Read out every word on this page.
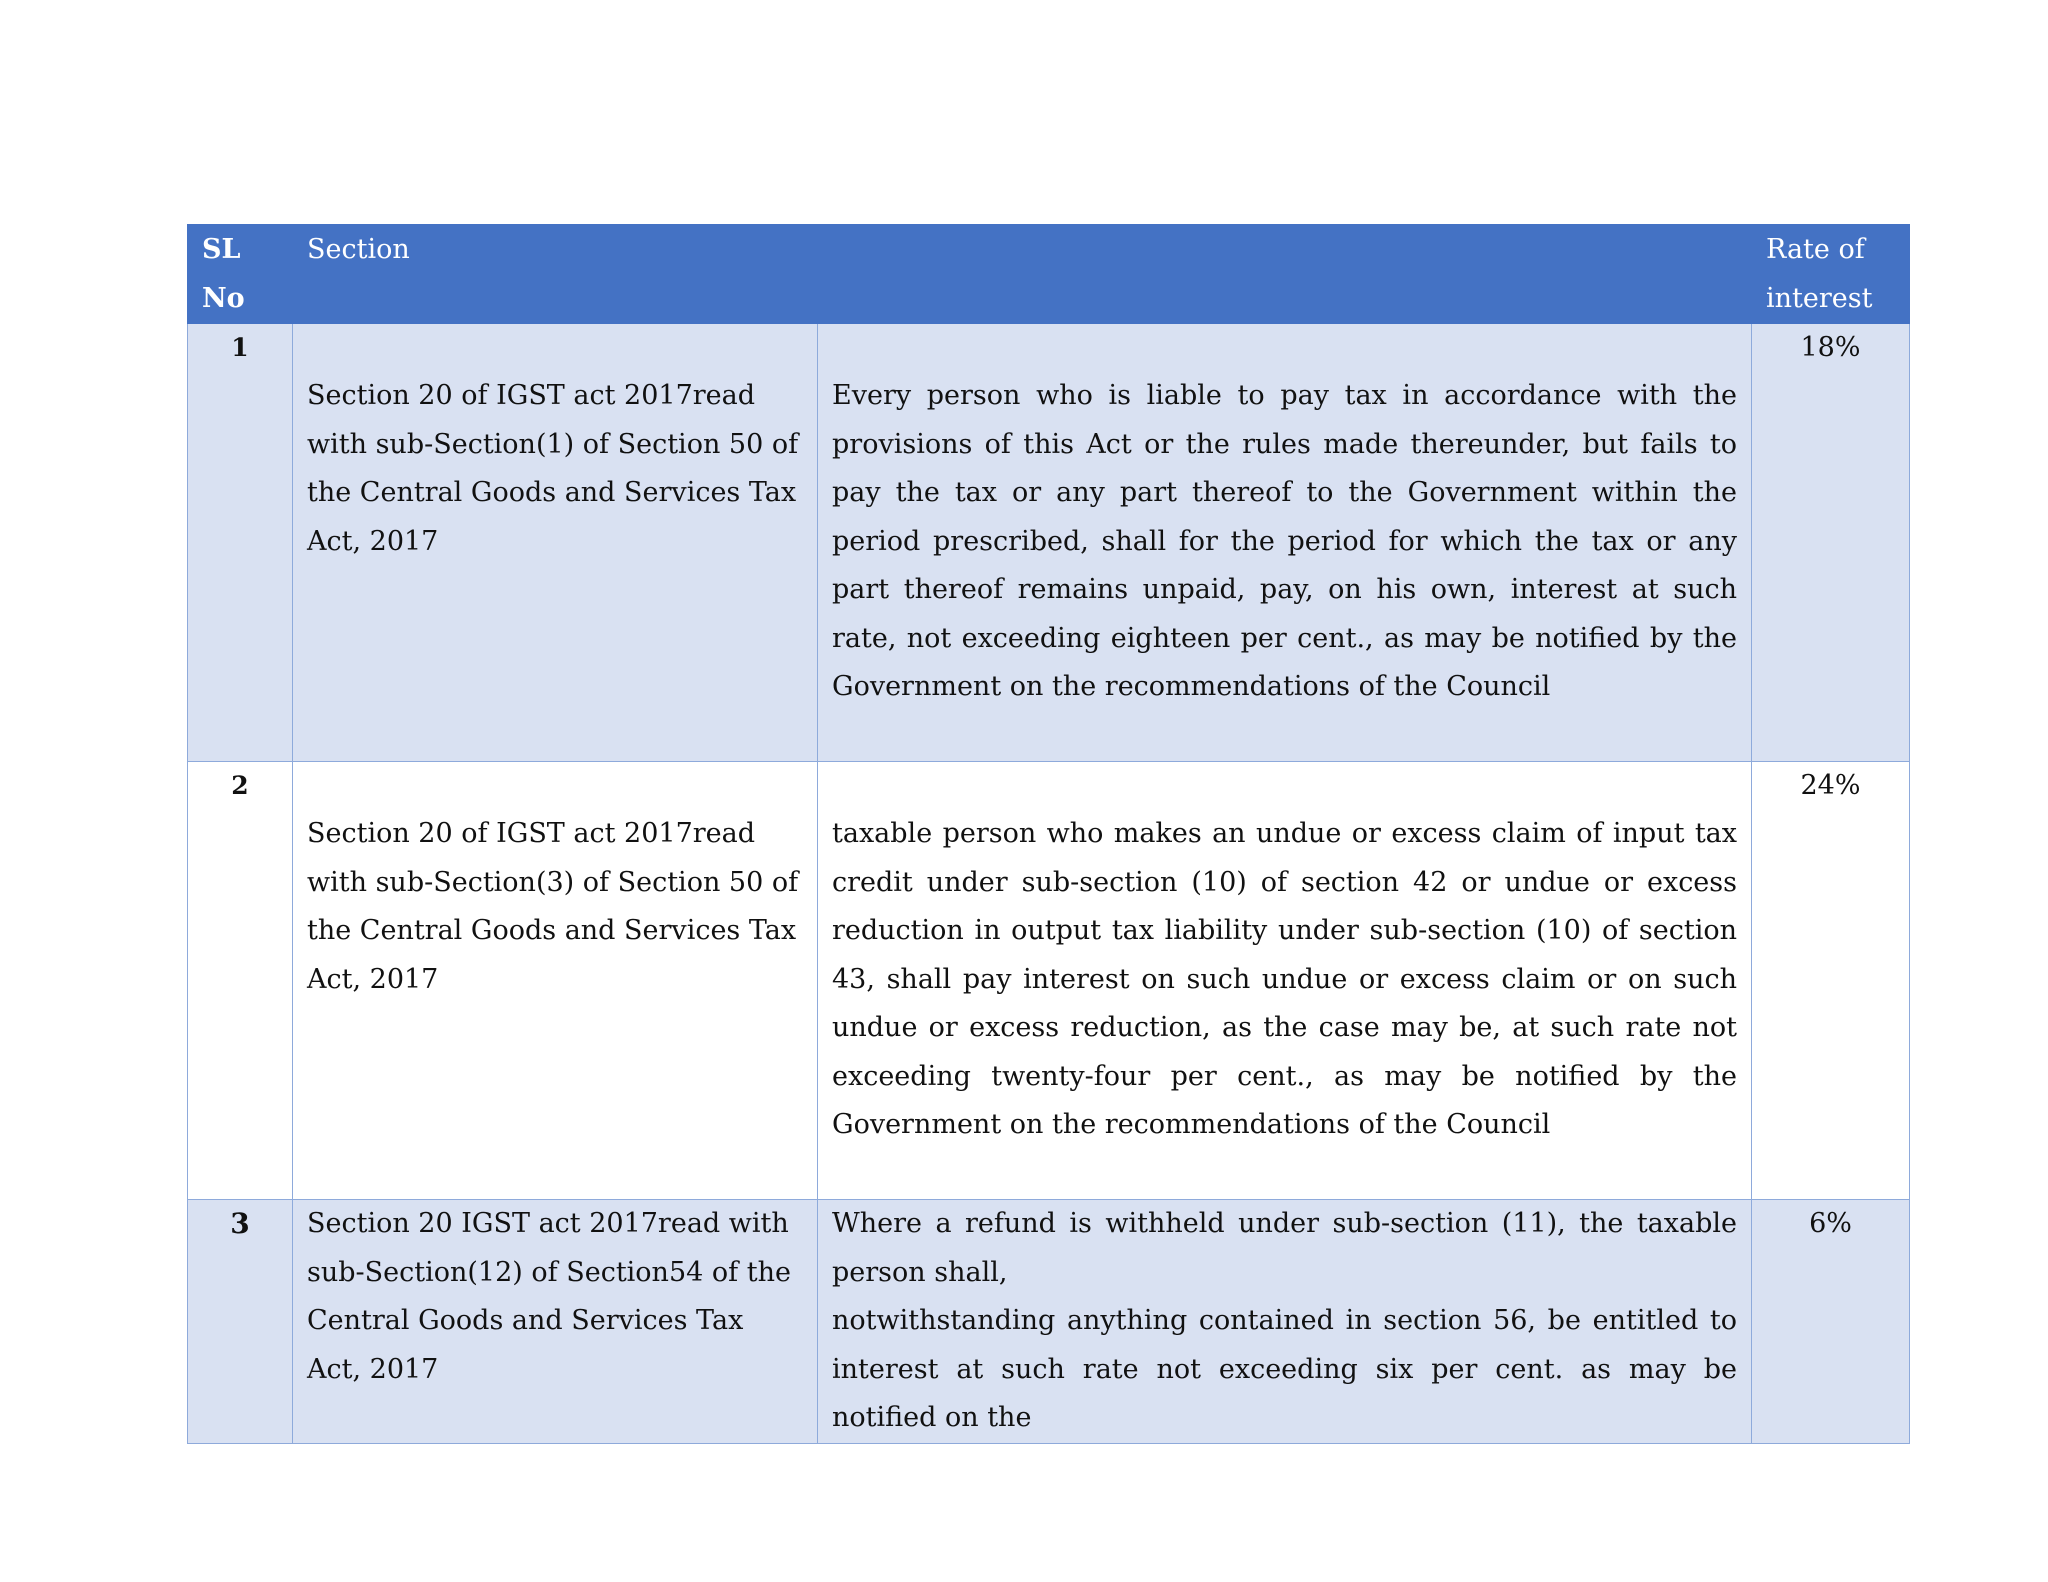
SL
No	Section		Rate of
interest
1	Section 20 of IGST act 2017read with sub-Section(1) of Section 50 of the Central Goods and Services Tax Act, 2017	Every person who is liable to pay tax in accordance with the provisions of this Act or the rules made thereunder, but fails to pay the tax or any part thereof to the Government within the period prescribed, shall for the period for which the tax or any part thereof remains unpaid, pay, on his own, interest at such rate, not exceeding eighteen per cent., as may be notified by the Government on the recommendations of the Council	18%
2	Section 20 of IGST act 2017read with sub-Section(3) of Section 50 of the Central Goods and Services Tax Act, 2017	taxable person who makes an undue or excess claim of input tax credit under sub-section (10) of section 42 or undue or excess reduction in output tax liability under sub-section (10) of section 43, shall pay interest on such undue or excess claim or on such undue or excess reduction, as the case may be, at such rate not exceeding twenty-four per cent., as may be notified by the Government on the recommendations of the Council	24%
3	Section 20 IGST act 2017read with sub-Section(12) of Section54 of the Central Goods and Services Tax Act, 2017	Where a refund is withheld under sub-section (11), the taxable person shall,
notwithstanding anything contained in section 56, be entitled to interest at such rate not exceeding six per cent. as may be notified on the	6%
